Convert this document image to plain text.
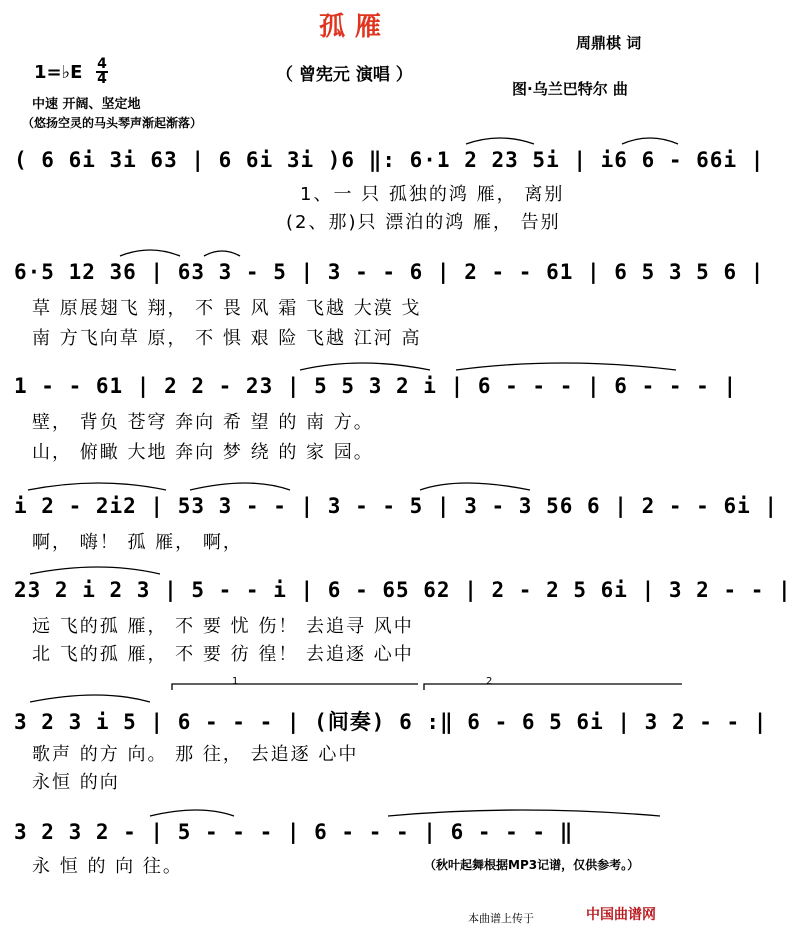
孤雁
1=♭E 4
4	（ 曾宪元 演唱 ）
周鼎棋 词
图·乌兰巴特尔 曲
中速 开阔、坚定地
（悠扬空灵的马头琴声渐起渐落）
( 6 6i 3i 63 | 6 6i 3i )6 ‖: 6·1 2 23 5i | i6 6 - 66i |
1、一 只 孤独的鸿 雁， 离别
(2、那)只 漂泊的鸿 雁， 告别
6·5 12 36 | 63 3 - 5 | 3 - - 6 | 2 - - 61 | 6 5 3 5 6 |
草 原展翅飞 翔， 不 畏 风 霜 飞越 大漠 戈
南 方飞向草 原， 不 惧 艰 险 飞越 江河 高
1 - - 61 | 2 2 - 23 | 5 5 3 2 i | 6 - - - | 6 - - - |
壁， 背负 苍穹 奔向 希 望 的 南 方。
山， 俯瞰 大地 奔向 梦 绕 的 家 园。
i 2 - 2i2 | 53 3 - - | 3 - - 5 | 3 - 3 56 6 | 2 - - 6i |
啊， 嗨！ 孤 雁， 啊，
23 2 i 2 3 | 5 - - i | 6 - 65 62 | 2 - 2 5 6i | 3 2 - - |
远 飞的孤 雁， 不 要 忧 伤！ 去追寻 风中
北 飞的孤 雁， 不 要 彷 徨！ 去追逐 心中
1	2
3 2 3 i 5 | 6 - - - | (间奏) 6 :‖ 6 - 6 5 6i | 3 2 - - |
歌声 的方 向。 那 往， 去追逐 心中
永恒 的向
3 2 3 2 - | 5 - - - | 6 - - - | 6 - - - ‖
永 恒 的 向 往。	（秋叶起舞根据MP3记谱，仅供参考。）
本曲谱上传于	中国曲谱网
